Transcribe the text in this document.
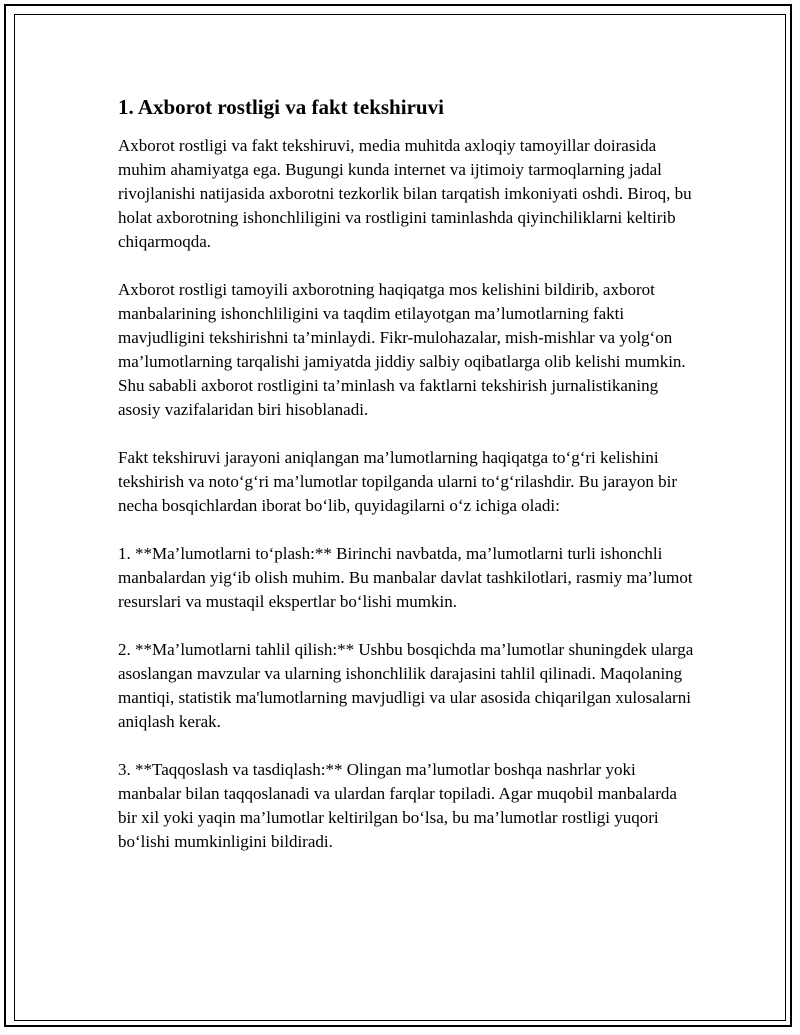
1. Axborot rostligi va fakt tekshiruvi

Axborot rostligi va fakt tekshiruvi, media muhitda axloqiy tamoyillar doirasida muhim ahamiyatga ega. Bugungi kunda internet va ijtimoiy tarmoqlarning jadal rivojlanishi natijasida axborotni tezkorlik bilan tarqatish imkoniyati oshdi. Biroq, bu holat axborotning ishonchliligini va rostligini taminlashda qiyinchiliklarni keltirib chiqarmoqda.

Axborot rostligi tamoyili axborotning haqiqatga mos kelishini bildirib, axborot manbalarining ishonchliligini va taqdim etilayotgan ma’lumotlarning fakti mavjudligini tekshirishni ta’minlaydi. Fikr-mulohazalar, mish-mishlar va yolg‘on ma’lumotlarning tarqalishi jamiyatda jiddiy salbiy oqibatlarga olib kelishi mumkin. Shu sababli axborot rostligini ta’minlash va faktlarni tekshirish jurnalistikaning asosiy vazifalaridan biri hisoblanadi.

Fakt tekshiruvi jarayoni aniqlangan ma’lumotlarning haqiqatga to‘g‘ri kelishini tekshirish va noto‘g‘ri ma’lumotlar topilganda ularni to‘g‘rilashdir. Bu jarayon bir necha bosqichlardan iborat bo‘lib, quyidagilarni o‘z ichiga oladi:

1. **Ma’lumotlarni to‘plash:** Birinchi navbatda, ma’lumotlarni turli ishonchli manbalardan yig‘ib olish muhim. Bu manbalar davlat tashkilotlari, rasmiy ma’lumot resurslari va mustaqil ekspertlar bo‘lishi mumkin.

2. **Ma’lumotlarni tahlil qilish:** Ushbu bosqichda ma’lumotlar shuningdek ularga asoslangan mavzular va ularning ishonchlilik darajasini tahlil qilinadi. Maqolaning mantiqi, statistik ma'lumotlarning mavjudligi va ular asosida chiqarilgan xulosalarni aniqlash kerak.

3. **Taqqoslash va tasdiqlash:** Olingan ma’lumotlar boshqa nashrlar yoki manbalar bilan taqqoslanadi va ulardan farqlar topiladi. Agar muqobil manbalarda bir xil yoki yaqin ma’lumotlar keltirilgan bo‘lsa, bu ma’lumotlar rostligi yuqori bo‘lishi mumkinligini bildiradi.
